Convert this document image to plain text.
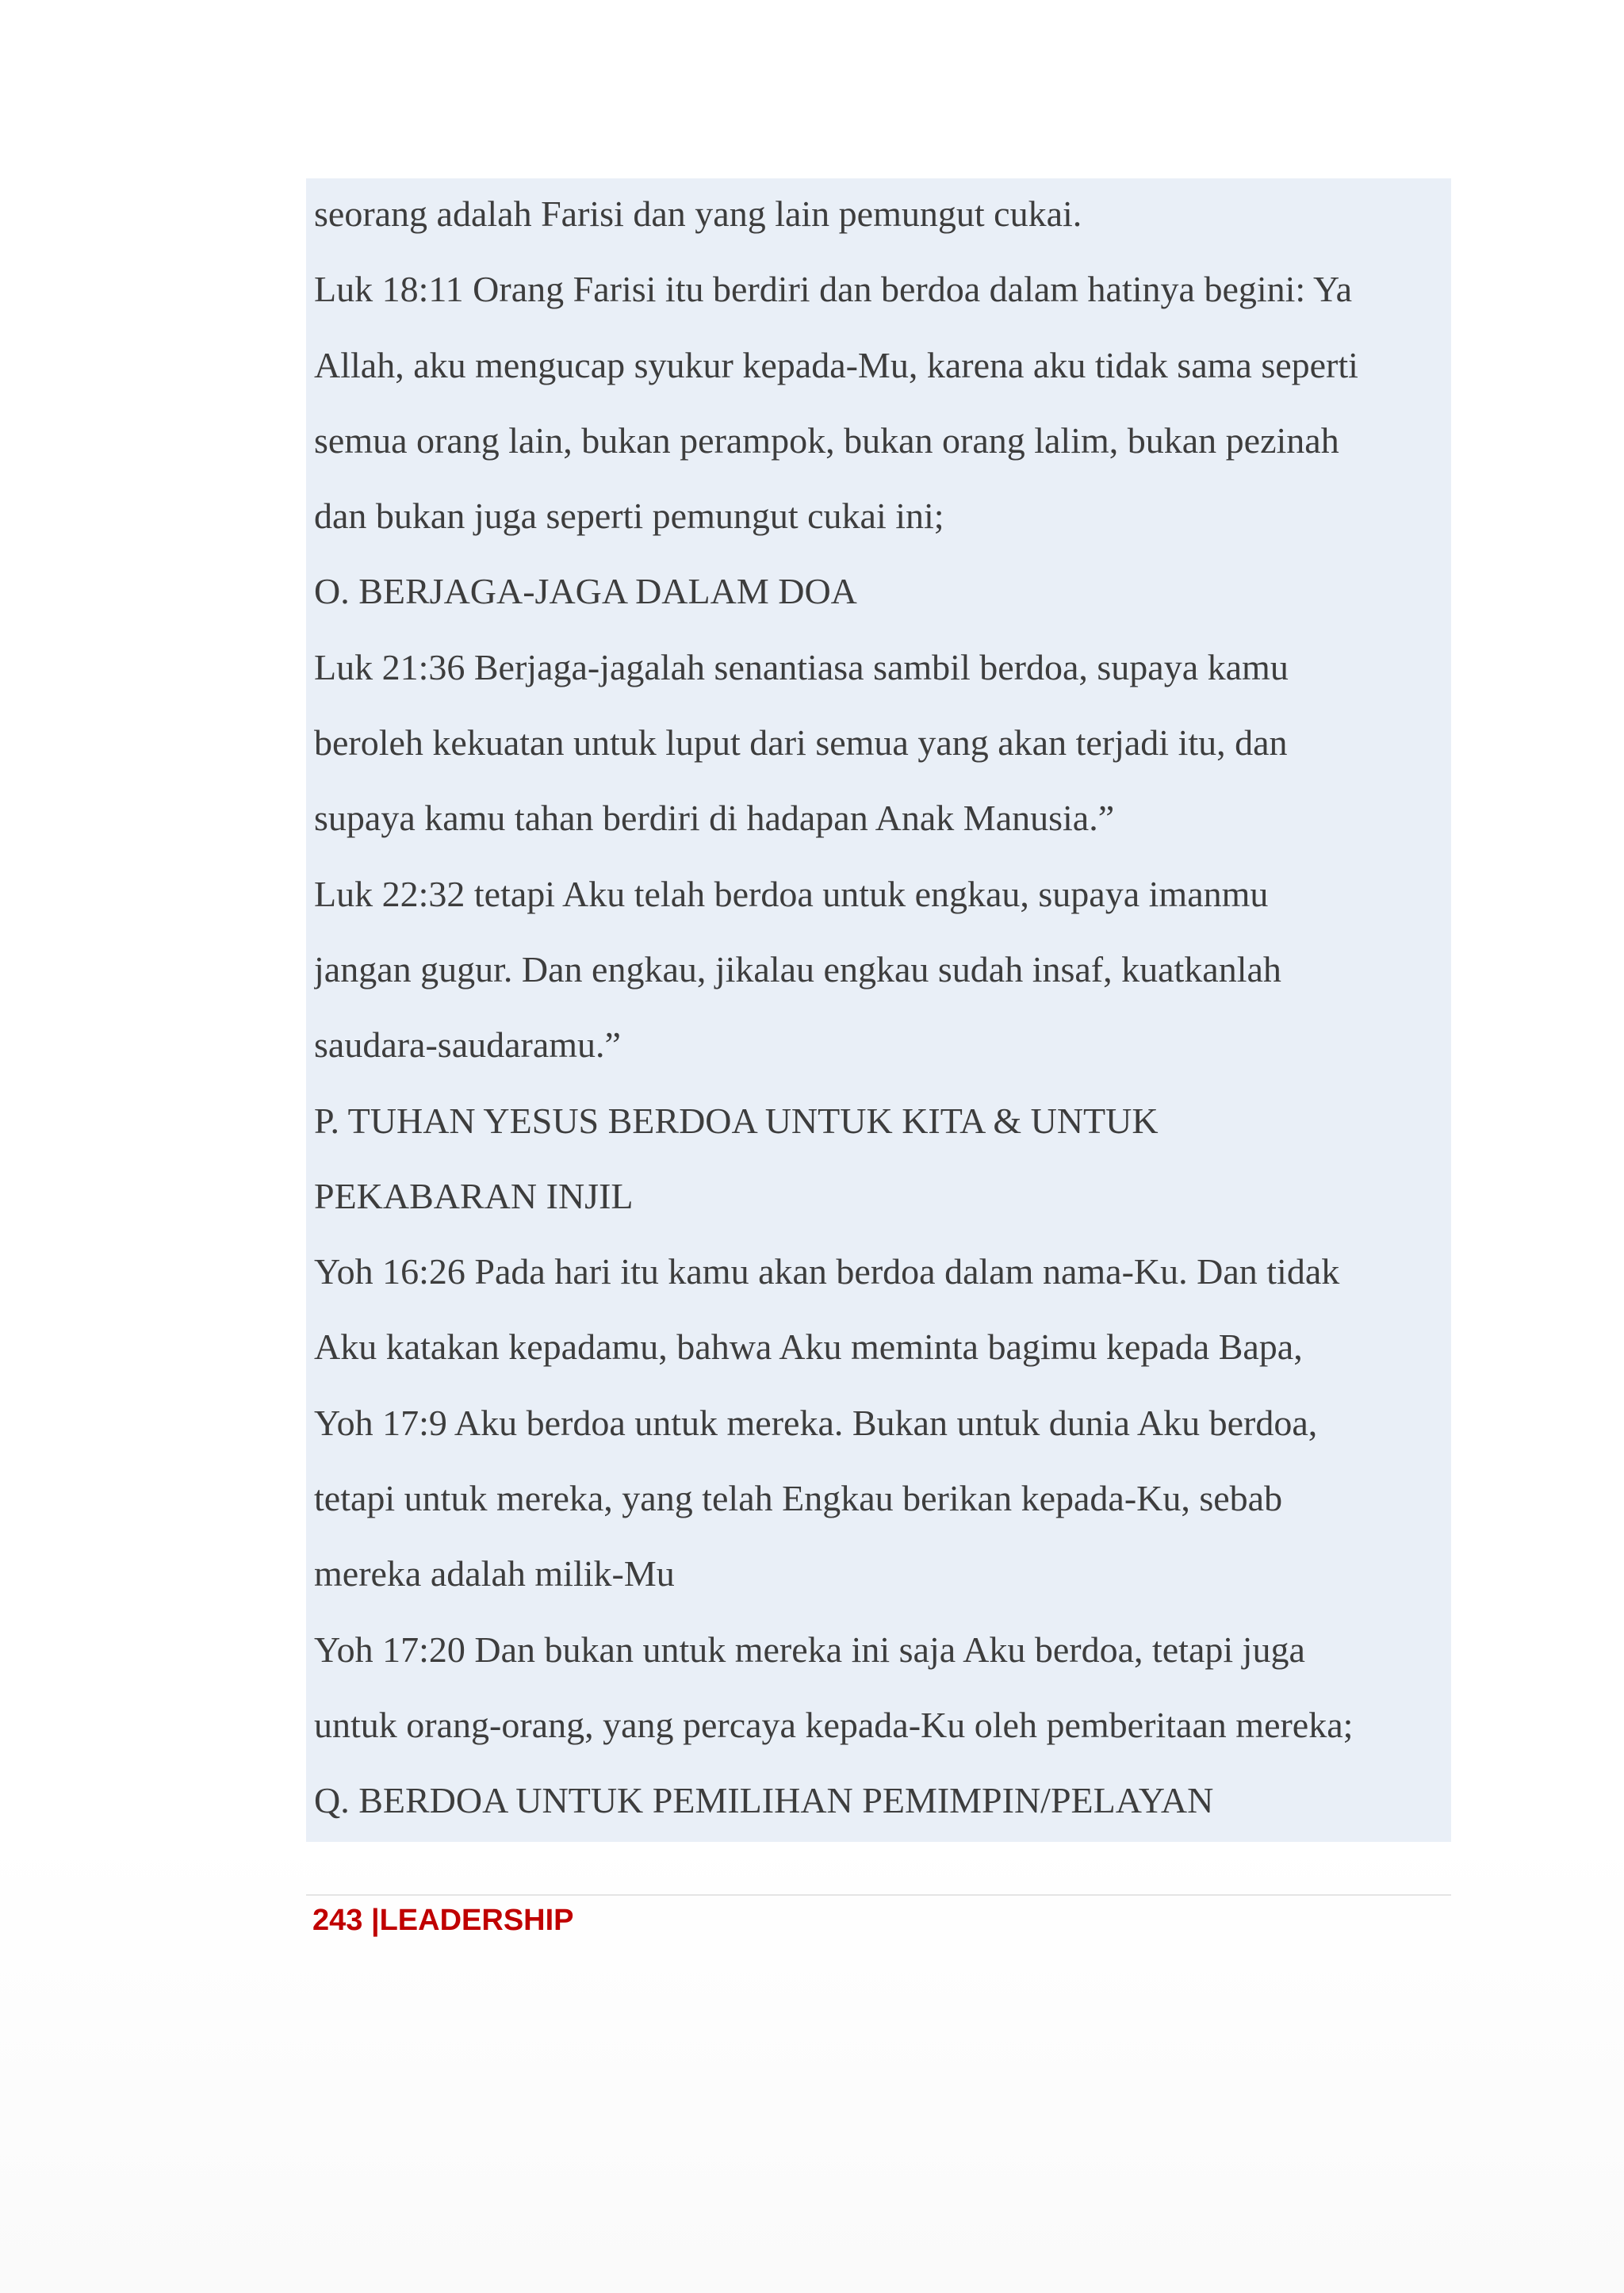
seorang adalah Farisi dan yang lain pemungut cukai.

Luk 18:11 Orang Farisi itu berdiri dan berdoa dalam hatinya begini: Ya

Allah, aku mengucap syukur kepada-Mu, karena aku tidak sama seperti

semua orang lain, bukan perampok, bukan orang lalim, bukan pezinah

dan bukan juga seperti pemungut cukai ini;

O. BERJAGA-JAGA DALAM DOA

Luk 21:36 Berjaga-jagalah senantiasa sambil berdoa, supaya kamu

beroleh kekuatan untuk luput dari semua yang akan terjadi itu, dan

supaya kamu tahan berdiri di hadapan Anak Manusia.”

Luk 22:32 tetapi Aku telah berdoa untuk engkau, supaya imanmu

jangan gugur. Dan engkau, jikalau engkau sudah insaf, kuatkanlah

saudara-saudaramu.”

P. TUHAN YESUS BERDOA UNTUK KITA & UNTUK

PEKABARAN INJIL

Yoh 16:26 Pada hari itu kamu akan berdoa dalam nama-Ku. Dan tidak

Aku katakan kepadamu, bahwa Aku meminta bagimu kepada Bapa,

Yoh 17:9 Aku berdoa untuk mereka. Bukan untuk dunia Aku berdoa,

tetapi untuk mereka, yang telah Engkau berikan kepada-Ku, sebab

mereka adalah milik-Mu

Yoh 17:20 Dan bukan untuk mereka ini saja Aku berdoa, tetapi juga

untuk orang-orang, yang percaya kepada-Ku oleh pemberitaan mereka;

Q. BERDOA UNTUK PEMILIHAN PEMIMPIN/PELAYAN

243 |LEADERSHIP
